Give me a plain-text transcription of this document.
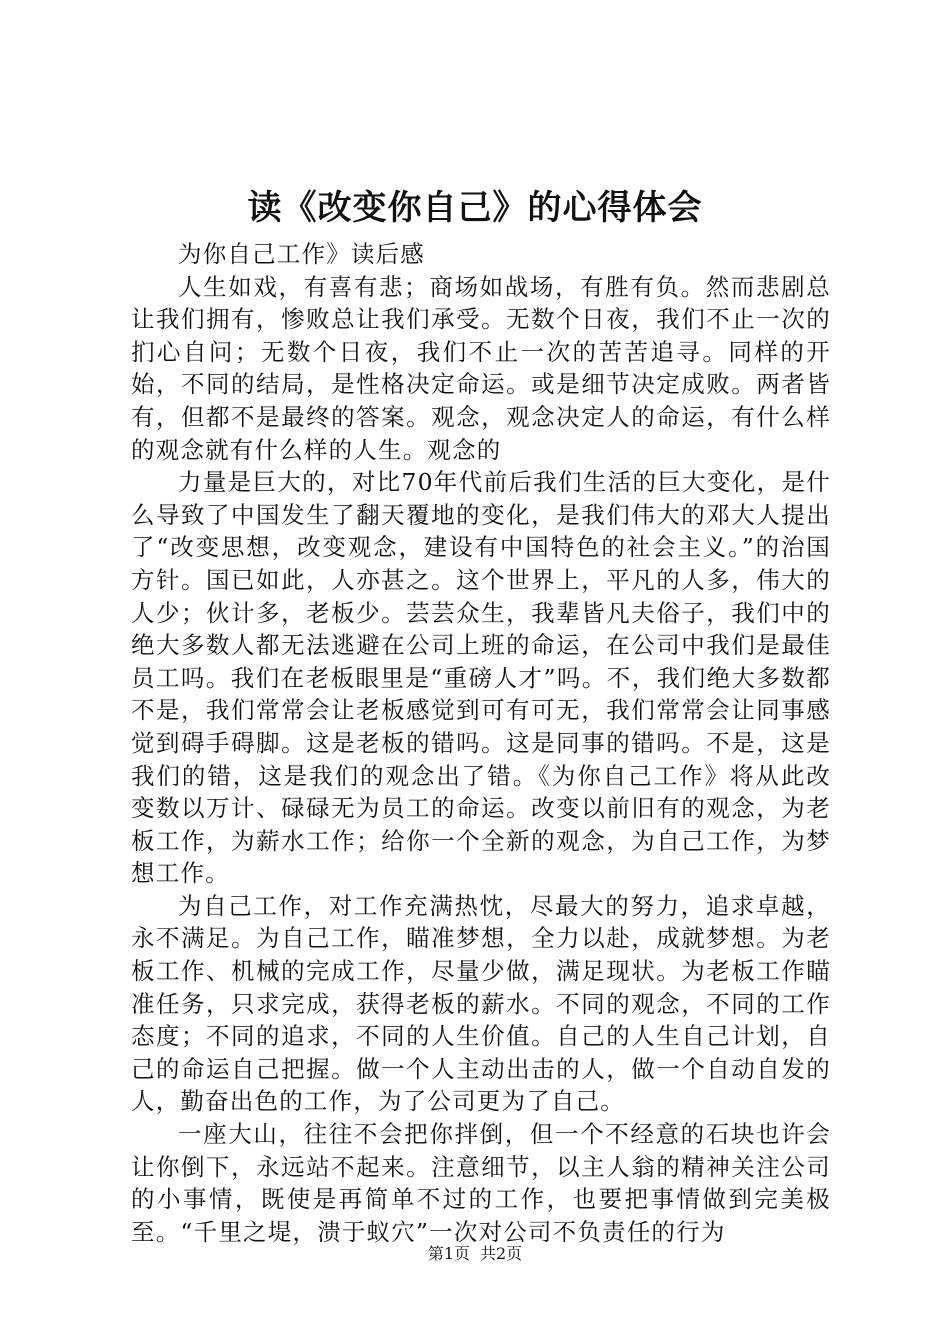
读《改变你自己》的心得体会

为你自己工作》读后感

人生如戏，有喜有悲；商场如战场，有胜有负。然而悲剧总让我们拥有，惨败总让我们承受。无数个日夜，我们不止一次的扪心自问；无数个日夜，我们不止一次的苦苦追寻。同样的开始，不同的结局，是性格决定命运。或是细节决定成败。两者皆有，但都不是最终的答案。观念，观念决定人的命运，有什么样的观念就有什么样的人生。观念的

力量是巨大的，对比70年代前后我们生活的巨大变化，是什么导致了中国发生了翻天覆地的变化，是我们伟大的邓大人提出了“改变思想，改变观念，建设有中国特色的社会主义。”的治国方针。国已如此，人亦甚之。这个世界上，平凡的人多，伟大的人少；伙计多，老板少。芸芸众生，我辈皆凡夫俗子，我们中的绝大多数人都无法逃避在公司上班的命运，在公司中我们是最佳员工吗。我们在老板眼里是“重磅人才”吗。不，我们绝大多数都不是，我们常常会让老板感觉到可有可无，我们常常会让同事感觉到碍手碍脚。这是老板的错吗。这是同事的错吗。不是，这是我们的错，这是我们的观念出了错。《为你自己工作》将从此改变数以万计、碌碌无为员工的命运。改变以前旧有的观念，为老板工作，为薪水工作；给你一个全新的观念，为自己工作，为梦想工作。

为自己工作，对工作充满热忱，尽最大的努力，追求卓越，永不满足。为自己工作，瞄准梦想，全力以赴，成就梦想。为老板工作、机械的完成工作，尽量少做，满足现状。为老板工作瞄准任务，只求完成，获得老板的薪水。不同的观念，不同的工作态度；不同的追求，不同的人生价值。自己的人生自己计划，自己的命运自己把握。做一个人主动出击的人，做一个自动自发的人，勤奋出色的工作，为了公司更为了自己。

一座大山，往往不会把你拌倒，但一个不经意的石块也许会让你倒下，永远站不起来。注意细节，以主人翁的精神关注公司的小事情，既使是再简单不过的工作，也要把事情做到完美极至。“千里之堤，溃于蚁穴”一次对公司不负责任的行为

第1页 共2页
